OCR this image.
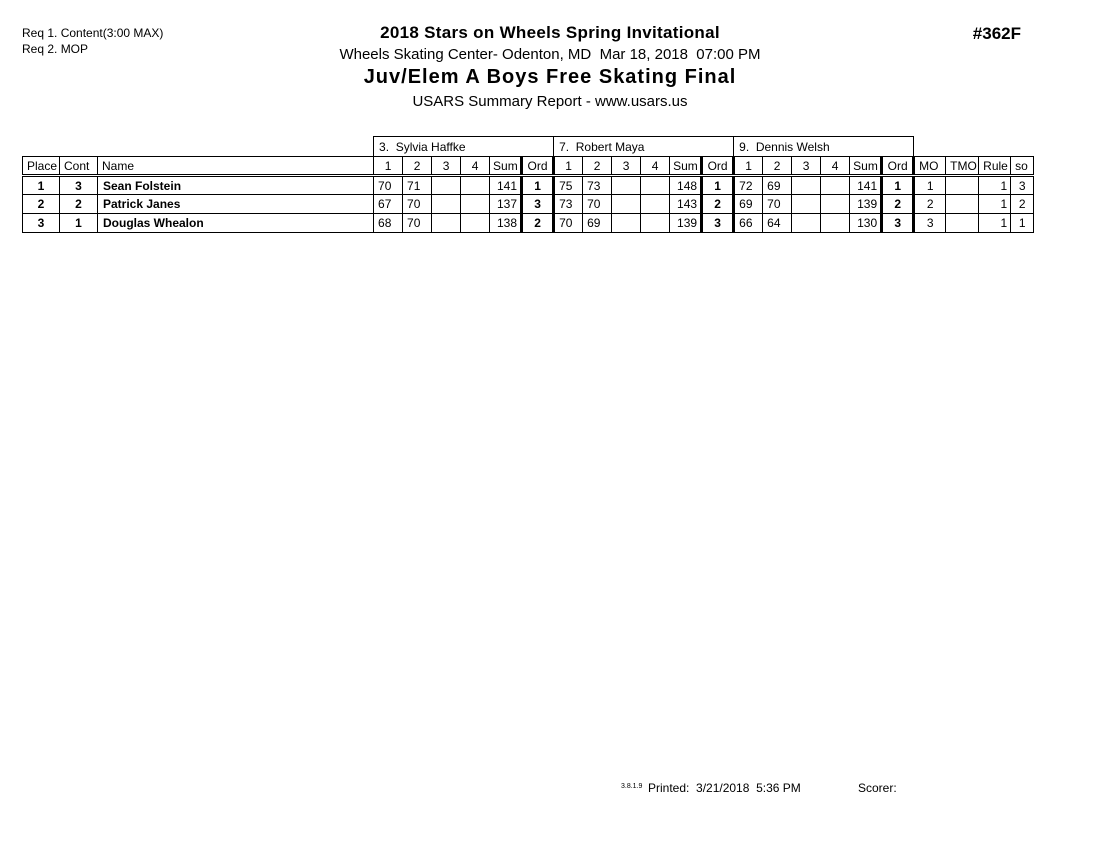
Req 1. Content(3:00 MAX)
Req 2. MOP
2018 Stars on Wheels Spring Invitational
Wheels Skating Center- Odenton, MD  Mar 18, 2018  07:00 PM
Juv/Elem A Boys Free Skating Final
USARS Summary Report - www.usars.us
#362F
			3.  Sylvia Haffke						7.  Robert Maya						9.  Dennis Welsh									
Place	Cont	Name	1	2	3	4	Sum	Ord	1	2	3	4	Sum	Ord	1	2	3	4	Sum	Ord	MO	TMO	Rule	so
1	3	Sean Folstein	70	71			141	1	75	73			148	1	72	69			141	1	1		1	3
2	2	Patrick Janes	67	70			137	3	73	70			143	2	69	70			139	2	2		1	2
3	1	Douglas Whealon	68	70			138	2	70	69			139	3	66	64			130	3	3		1	1
3.8.1.9 Printed:  3/21/2018  5:36 PM	Scorer:
